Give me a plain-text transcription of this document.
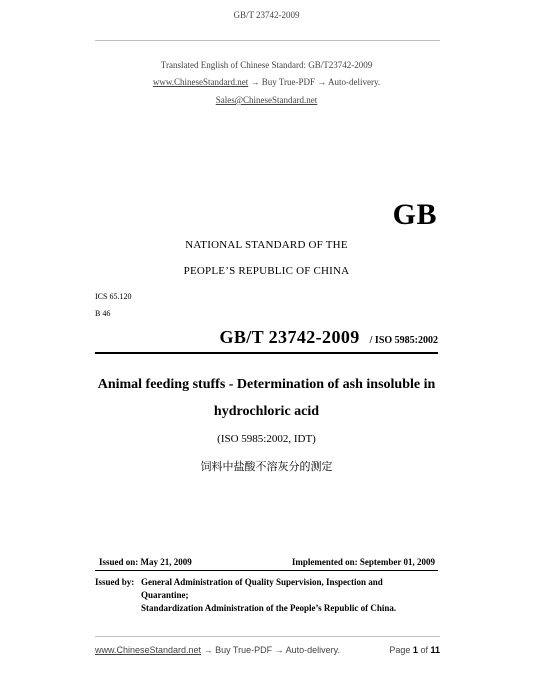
GB/T 23742-2009
Translated English of Chinese Standard: GB/T23742-2009
www.ChineseStandard.net → Buy True-PDF → Auto-delivery.
Sales@ChineseStandard.net
GB
NATIONAL STANDARD OF THE
PEOPLE’S REPUBLIC OF CHINA
ICS 65.120
B 46
GB/T 23742-2009 / ISO 5985:2002
Animal feeding stuffs - Determination of ash insoluble in
hydrochloric acid
(ISO 5985:2002, IDT)
饲料中盐酸不溶灰分的测定
Issued on: May 21, 2009	Implemented on: September 01, 2009
Issued by: General Administration of Quality Supervision, Inspection and
Quarantine;
Standardization Administration of the People’s Republic of China.
www.ChineseStandard.net → Buy True-PDF → Auto-delivery.	Page 1 of 11
